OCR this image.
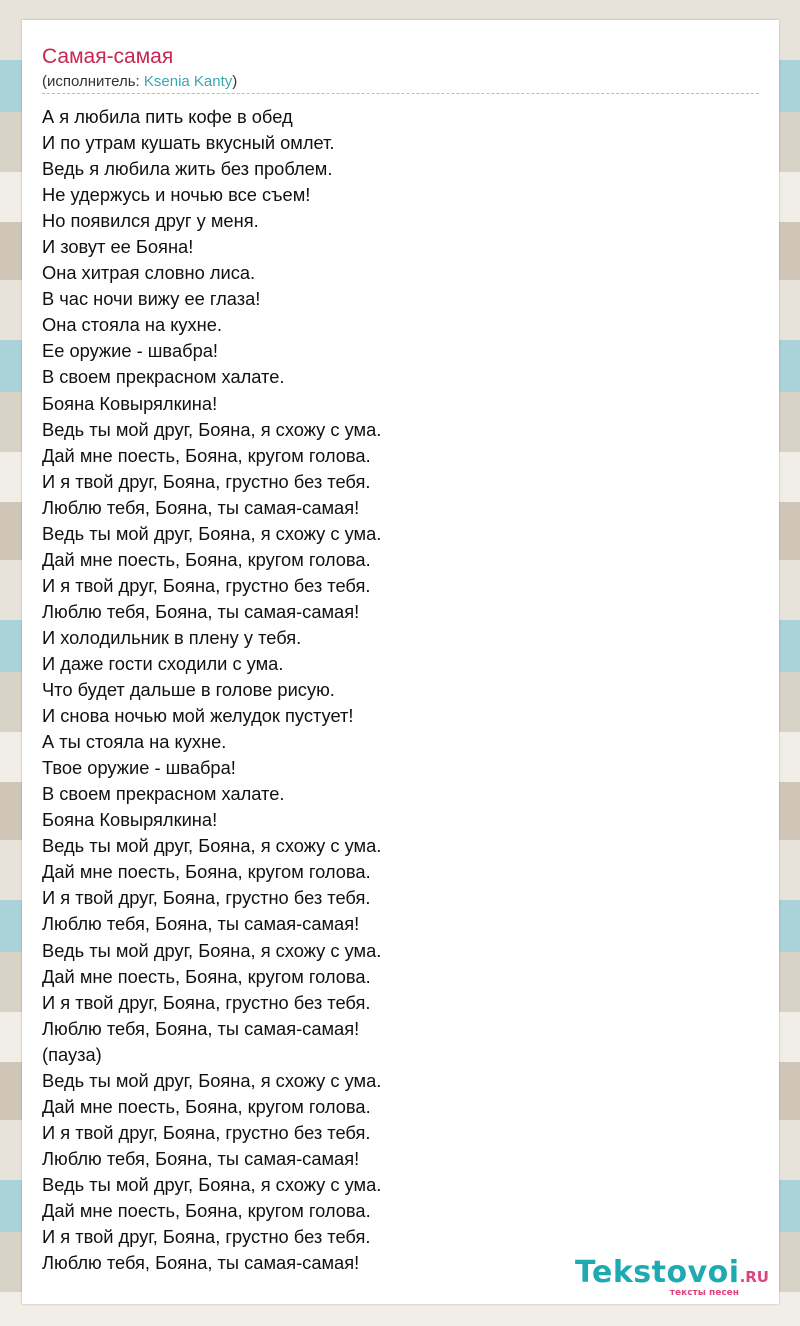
Самая-самая
(исполнитель: Ksenia Kanty)
А я любила пить кофе в обед
И по утрам кушать вкусный омлет.
Ведь я любила жить без проблем.
Не удержусь и ночью все съем!
Но появился друг у меня.
И зовут ее Бояна!
Она хитрая словно лиса.
В час ночи вижу ее глаза!
Она стояла на кухне.
Ее оружие - швабра!
В своем прекрасном халате.
Бояна Ковырялкина!
Ведь ты мой друг, Бояна, я схожу с ума.
Дай мне поесть, Бояна, кругом голова.
И я твой друг, Бояна, грустно без тебя.
Люблю тебя, Бояна, ты самая-самая!
Ведь ты мой друг, Бояна, я схожу с ума.
Дай мне поесть, Бояна, кругом голова.
И я твой друг, Бояна, грустно без тебя.
Люблю тебя, Бояна, ты самая-самая!
И холодильник в плену у тебя.
И даже гости сходили с ума.
Что будет дальше в голове рисую.
И снова ночью мой желудок пустует!
А ты стояла на кухне.
Твое оружие - швабра!
В своем прекрасном халате.
Бояна Ковырялкина!
Ведь ты мой друг, Бояна, я схожу с ума.
Дай мне поесть, Бояна, кругом голова.
И я твой друг, Бояна, грустно без тебя.
Люблю тебя, Бояна, ты самая-самая!
Ведь ты мой друг, Бояна, я схожу с ума.
Дай мне поесть, Бояна, кругом голова.
И я твой друг, Бояна, грустно без тебя.
Люблю тебя, Бояна, ты самая-самая!
(пауза)
Ведь ты мой друг, Бояна, я схожу с ума.
Дай мне поесть, Бояна, кругом голова.
И я твой друг, Бояна, грустно без тебя.
Люблю тебя, Бояна, ты самая-самая!
Ведь ты мой друг, Бояна, я схожу с ума.
Дай мне поесть, Бояна, кругом голова.
И я твой друг, Бояна, грустно без тебя.
Люблю тебя, Бояна, ты самая-самая!	Tekstovoi.RU
тексты песен
